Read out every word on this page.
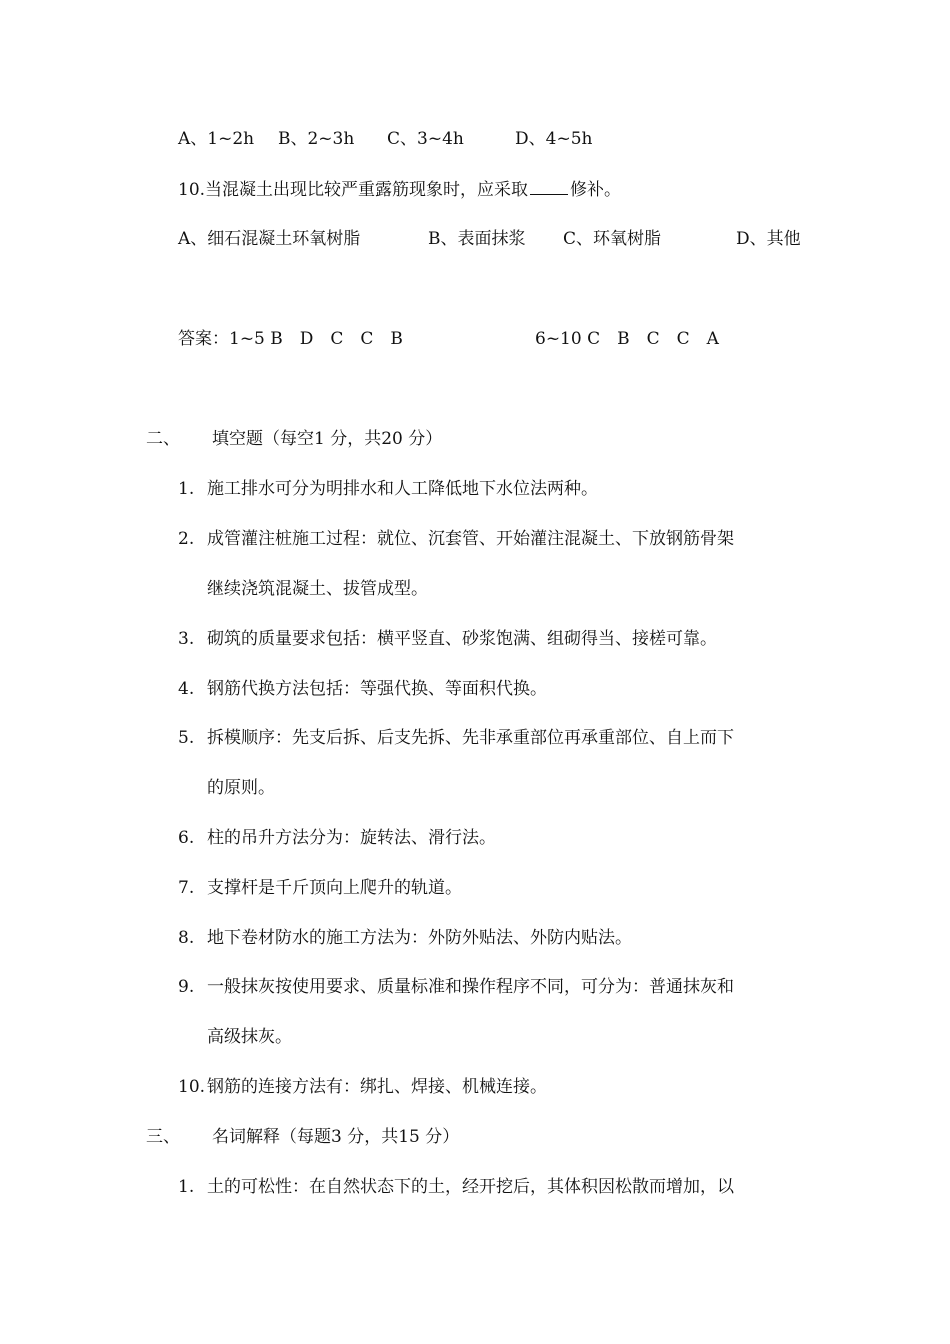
A、1~2h B、2~3h C、3~4h	D、4~5h
10.当混凝土出现比较严重露筋现象时，应采取 修补。
A、细石混凝土环氧树脂	B、表面抹浆 C、环氧树脂	D、其他
答案：1~5 B　D　C　C　B	6~10 C　B　C　C　A
二、 填空题（每空1 分，共20 分）
1. 施工排水可分为明排水和人工降低地下水位法两种。
2. 成管灌注桩施工过程：就位、沉套管、开始灌注混凝土、下放钢筋骨架
继续浇筑混凝土、拔管成型。
3. 砌筑的质量要求包括：横平竖直、砂浆饱满、组砌得当、接槎可靠。
4. 钢筋代换方法包括：等强代换、等面积代换。
5. 拆模顺序：先支后拆、后支先拆、先非承重部位再承重部位、自上而下
的原则。
6. 柱的吊升方法分为：旋转法、滑行法。
7. 支撑杆是千斤顶向上爬升的轨道。
8. 地下卷材防水的施工方法为：外防外贴法、外防内贴法。
9. 一般抹灰按使用要求、质量标准和操作程序不同，可分为：普通抹灰和
高级抹灰。
10. 钢筋的连接方法有：绑扎、焊接、机械连接。
三、 名词解释（每题3 分，共15 分）
1. 土的可松性：在自然状态下的土，经开挖后，其体积因松散而增加，以
